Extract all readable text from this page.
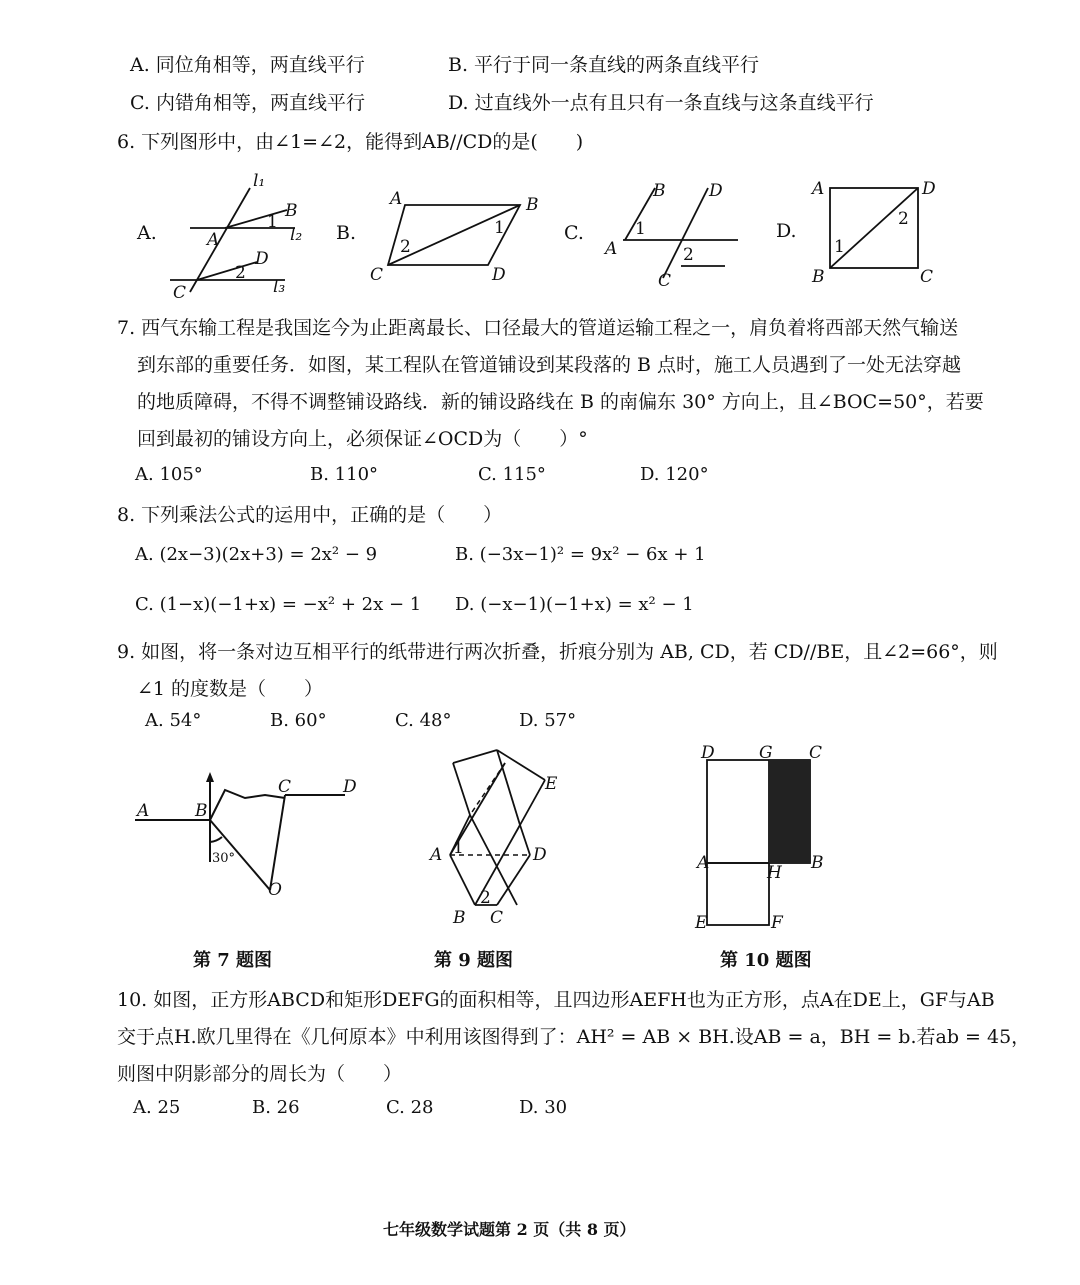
A. 同位角相等，两直线平行	B. 平行于同一条直线的两条直线平行
C. 内错角相等，两直线平行	D. 过直线外一点有且只有一条直线与这条直线平行
6. 下列图形中，由∠1=∠2，能得到AB//CD的是(　　)
A.	B.	C.	D.
l₁
B
1
l₂
A
D
2
l₃
C
A	B
1
2
C	D
B	D
1
A	2
C
A	D
2
1
B	C
7. 西气东输工程是我国迄今为止距离最长、口径最大的管道运输工程之一，肩负着将西部天然气输送
到东部的重要任务．如图，某工程队在管道铺设到某段落的 B 点时，施工人员遇到了一处无法穿越
的地质障碍，不得不调整铺设路线．新的铺设路线在 B 的南偏东 30° 方向上，且∠BOC=50°，若要
回到最初的铺设方向上，必须保证∠OCD为（　　）°
A. 105°	B. 110°	C. 115°	D. 120°
8. 下列乘法公式的运用中，正确的是（　　）
A. (2x−3)(2x+3) = 2x² − 9	B. (−3x−1)² = 9x² − 6x + 1
C. (1−x)(−1+x) = −x² + 2x − 1 D. (−x−1)(−1+x) = x² − 1
9. 如图，将一条对边互相平行的纸带进行两次折叠，折痕分别为 AB, CD，若 CD//BE，且∠2=66°，则
∠1 的度数是（　　）
A. 54°	B. 60°	C. 48°	D. 57°
A	B
C	D
30°
O
第 7 题图
A 1	D
E
2
B C
第 9 题图
D	G C
A	H B
E	F
第 10 题图
10. 如图，正方形ABCD和矩形DEFG的面积相等，且四边形AEFH也为正方形，点A在DE上，GF与AB
交于点H.欧几里得在《几何原本》中利用该图得到了：AH² = AB × BH.设AB = a，BH = b.若ab = 45，
则图中阴影部分的周长为（　　）
A. 25	B. 26	C. 28	D. 30
七年级数学试题第 2 页（共 8 页）
